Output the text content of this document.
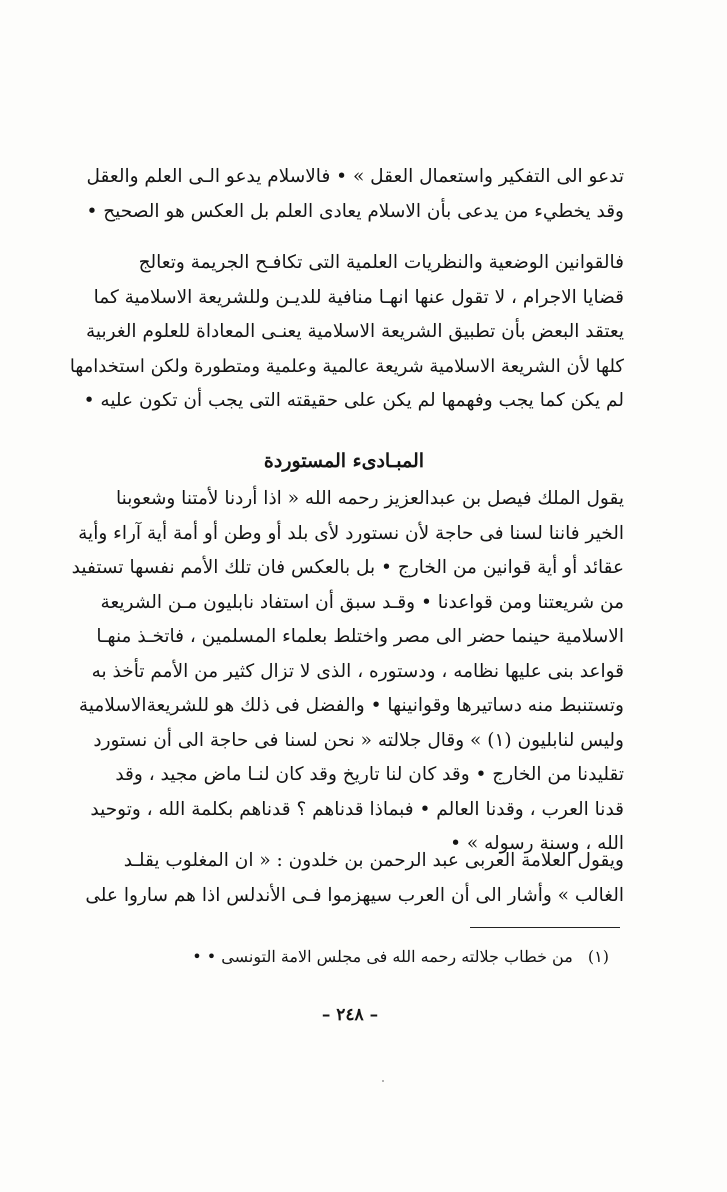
تدعو الى التفكير واستعمال العقل » • فالاسلام يدعو الـى العلم والعقل
وقد يخطيء من يدعى بأن الاسلام يعادى العلم بل العكس هو الصحيح •
فالقوانين الوضعية والنظريات العلمية التى تكافـح الجريمة وتعالج
قضايا الاجرام ، لا تقول عنها انهـا منافية للديـن وللشريعة الاسلامية كما
يعتقد البعض بأن تطبيق الشريعة الاسلامية يعنـى المعاداة للعلوم الغربية
كلها لأن الشريعة الاسلامية شريعة عالمية وعلمية ومتطورة ولكن استخدامها
لم يكن كما يجب وفهمها لم يكن على حقيقته التى يجب أن تكون عليه •
المبـادىء المستوردة
يقول الملك فيصل بن عبدالعزيز رحمه الله « اذا أردنا لأمتنا وشعوبنا
الخير فاننا لسنا فى حاجة لأن نستورد لأى بلد أو وطن أو أمة أية آراء وأية
عقائد أو أية قوانين من الخارج • بل بالعكس فان تلك الأمم نفسها تستفيد
من شريعتنا ومن قواعدنا • وقـد سبق أن استفاد نابليون مـن الشريعة
الاسلامية حينما حضر الى مصر واختلط بعلماء المسلمين ، فاتخـذ منهـا
قواعد بنى عليها نظامه ، ودستوره ، الذى لا تزال كثير من الأمم تأخذ به
وتستنبط منه دساتيرها وقوانينها • والفضل فى ذلك هو للشريعةالاسلامية
وليس لنابليون (١) » وقال جلالته « نحن لسنا فى حاجة الى أن نستورد
تقليدنا من الخارج • وقد كان لنا تاريخ وقد كان لنـا ماض مجيد ، وقد
قدنا العرب ، وقدنا العالم • فبماذا قدناهم ؟ قدناهم بكلمة الله ، وتوحيد
الله ، وسنة رسوله » •
ويقول العلامة العربى عبد الرحمن بن خلدون : « ان المغلوب يقلـد
الغالب » وأشار الى أن العرب سيهزموا فـى الأندلس اذا هم ساروا على
(١) من خطاب جلالته رحمه الله فى مجلس الامة التونسى • •
– ٢٤٨ –
